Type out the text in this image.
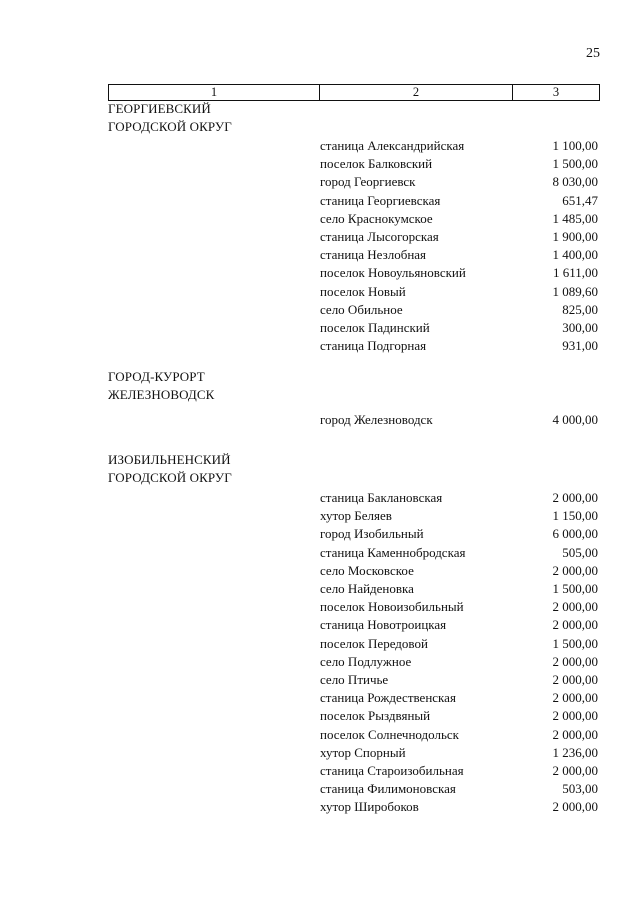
25
1	2	3
ГЕОРГИЕВСКИЙ
ГОРОДСКОЙ ОКРУГ
станица Александрийская	1 100,00
поселок Балковский	1 500,00
город Георгиевск	8 030,00
станица Георгиевская	651,47
село Краснокумское	1 485,00
станица Лысогорская	1 900,00
станица Незлобная	1 400,00
поселок Новоульяновский	1 611,00
поселок Новый	1 089,60
село Обильное	825,00
поселок Падинский	300,00
станица Подгорная	931,00
ГОРОД-КУРОРТ
ЖЕЛЕЗНОВОДСК
город Железноводск	4 000,00
ИЗОБИЛЬНЕНСКИЙ
ГОРОДСКОЙ ОКРУГ
станица Баклановская	2 000,00
хутор Беляев	1 150,00
город Изобильный	6 000,00
станица Каменнобродская	505,00
село Московское	2 000,00
село Найденовка	1 500,00
поселок Новоизобильный	2 000,00
станица Новотроицкая	2 000,00
поселок Передовой	1 500,00
село Подлужное	2 000,00
село Птичье	2 000,00
станица Рождественская	2 000,00
поселок Рыздвяный	2 000,00
поселок Солнечнодольск	2 000,00
хутор Спорный	1 236,00
станица Староизобильная	2 000,00
станица Филимоновская	503,00
хутор Широбоков	2 000,00
